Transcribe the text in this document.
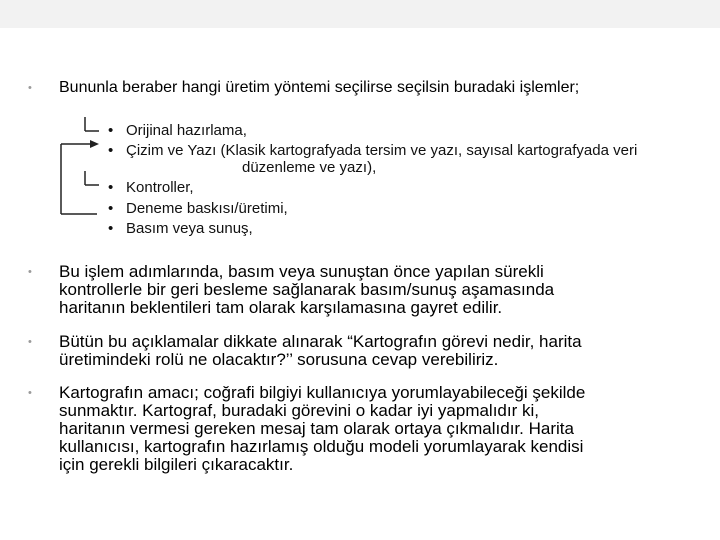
• Bununla beraber hangi üretim yöntemi seçilirse seçilsin buradaki işlemler;
• Orijinal hazırlama,
• Çizim ve Yazı (Klasik kartografyada tersim ve yazı, sayısal kartografyada veri
düzenleme ve yazı),
• Kontroller,
• Deneme baskısı/üretimi,
• Basım veya sunuş,
• Bu işlem adımlarında, basım veya sunuştan önce yapılan sürekli
kontrollerle bir geri besleme sağlanarak basım/sunuş aşamasında
haritanın beklentileri tam olarak karşılamasına gayret edilir.
• Bütün bu açıklamalar dikkate alınarak “Kartografın görevi nedir, harita
üretimindeki rolü ne olacaktır?’’ sorusuna cevap verebiliriz.
• Kartografın amacı; coğrafi bilgiyi kullanıcıya yorumlayabileceği şekilde
sunmaktır. Kartograf, buradaki görevini o kadar iyi yapmalıdır ki,
haritanın vermesi gereken mesaj tam olarak ortaya çıkmalıdır. Harita
kullanıcısı, kartografın hazırlamış olduğu modeli yorumlayarak kendisi
için gerekli bilgileri çıkaracaktır.
